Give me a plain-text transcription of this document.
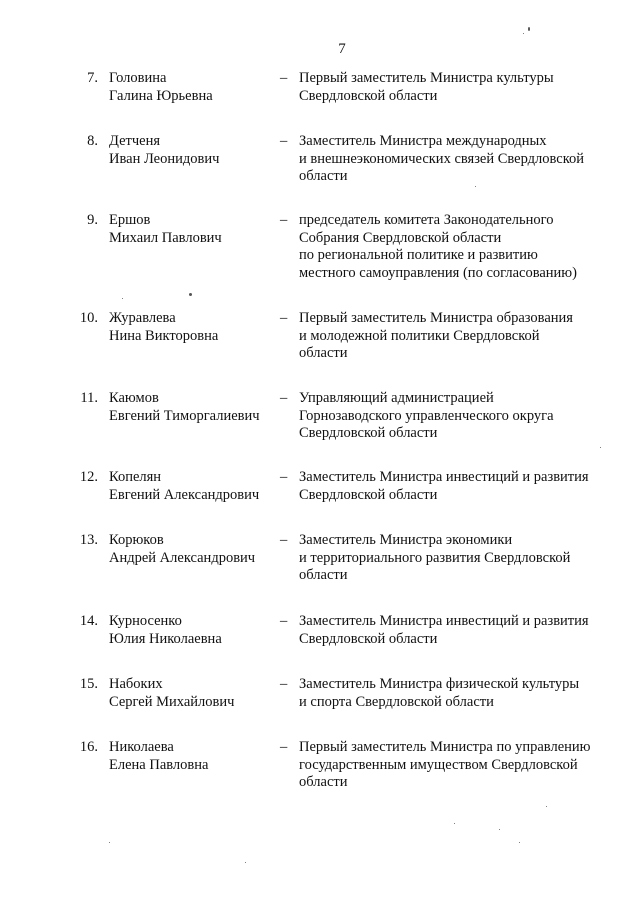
7
7. Головина
Галина Юрьевна
– Первый заместитель Министра культуры
Свердловской области
8. Детченя
Иван Леонидович
– Заместитель Министра международных
и внешнеэкономических связей Свердловской
области
9. Ершов
Михаил Павлович
– председатель комитета Законодательного
Собрания Свердловской области
по региональной политике и развитию
местного самоуправления (по согласованию)
10. Журавлева
Нина Викторовна
– Первый заместитель Министра образования
и молодежной политики Свердловской
области
11. Каюмов
Евгений Тиморгалиевич
– Управляющий администрацией
Горнозаводского управленческого округа
Свердловской области
12. Копелян
Евгений Александрович
– Заместитель Министра инвестиций и развития
Свердловской области
13. Корюков
Андрей Александрович
– Заместитель Министра экономики
и территориального развития Свердловской
области
14. Курносенко
Юлия Николаевна
– Заместитель Министра инвестиций и развития
Свердловской области
15. Набоких
Сергей Михайлович
– Заместитель Министра физической культуры
и спорта Свердловской области
16. Николаева
Елена Павловна
– Первый заместитель Министра по управлению
государственным имуществом Свердловской
области
